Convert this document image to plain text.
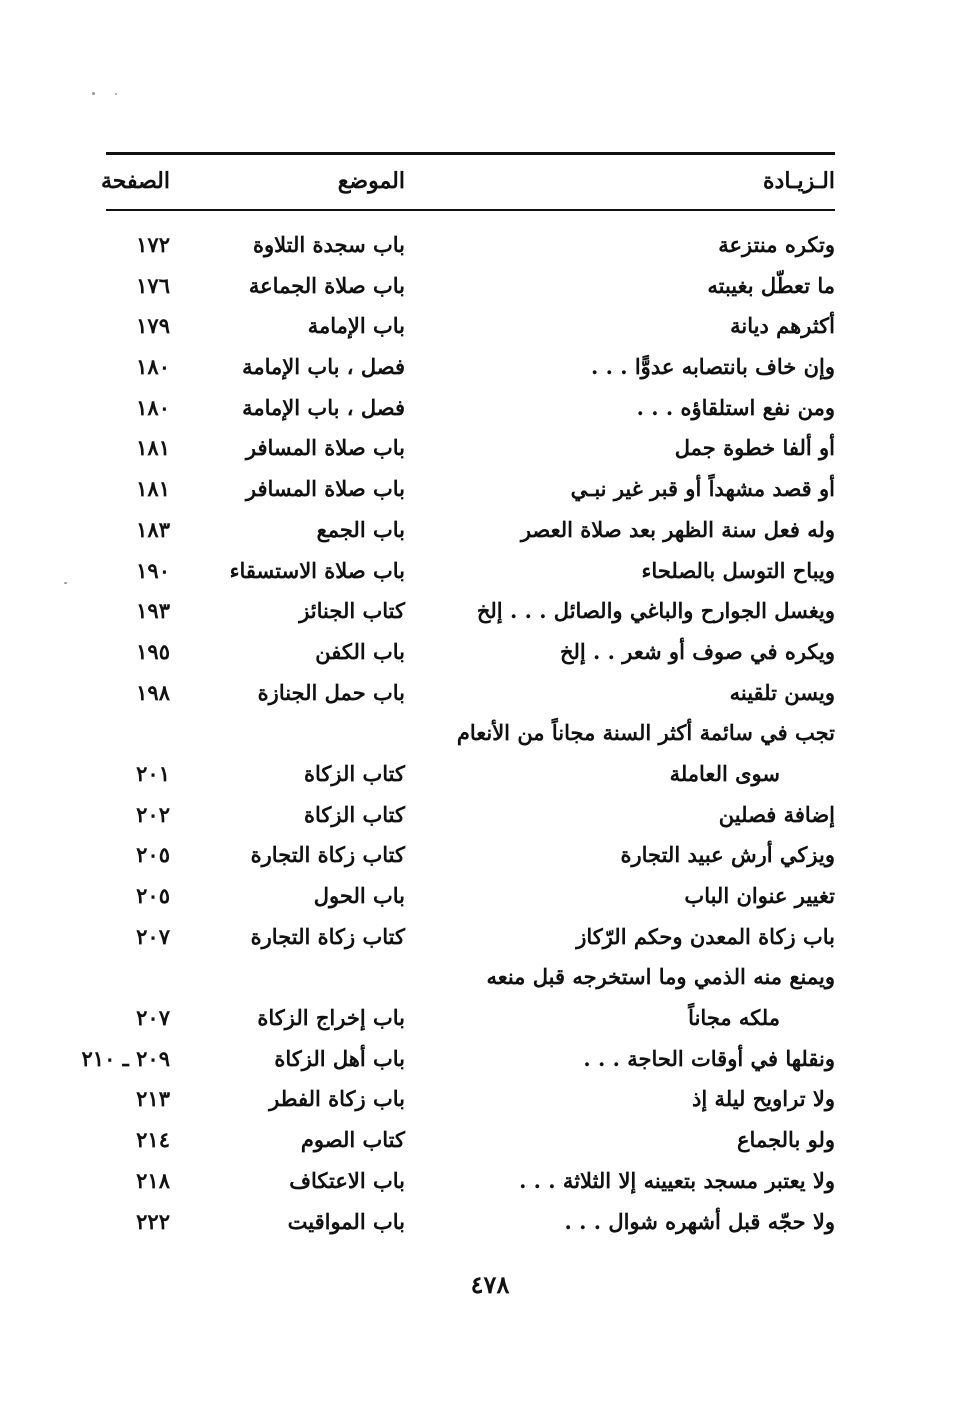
الـزيـادة
الموضع
الصفحة
وتكره منتزعة
باب سجدة التلاوة
١٧٢
ما تعطّل بغيبته
باب صلاة الجماعة
١٧٦
أكثرهم ديانة
باب الإمامة
١٧٩
وإن خاف بانتصابه عدوًّا . . .
فصل ، باب الإمامة
١٨٠
ومن نفع استلقاؤه . . .
فصل ، باب الإمامة
١٨٠
أو ألفا خطوة جمل
باب صلاة المسافر
١٨١
أو قصد مشهداً أو قبر غير نبـي
باب صلاة المسافر
١٨١
وله فعل سنة الظهر بعد صلاة العصر
باب الجمع
١٨٣
ويباح التوسل بالصلحاء
باب صلاة الاستسقاء
١٩٠
ويغسل الجوارح والباغي والصائل . . . إلخ
كتاب الجنائز
١٩٣
ويكره في صوف أو شعر . . إلخ
باب الكفن
١٩٥
ويسن تلقينه
باب حمل الجنازة
١٩٨
تجب في سائمة أكثر السنة مجاناً من الأنعام
سوى العاملة
كتاب الزكاة
٢٠١
إضافة فصلين
كتاب الزكاة
٢٠٢
ويزكي أرش عبيد التجارة
كتاب زكاة التجارة
٢٠٥
تغيير عنوان الباب
باب الحول
٢٠٥
باب زكاة المعدن وحكم الرّكاز
كتاب زكاة التجارة
٢٠٧
ويمنع منه الذمي وما استخرجه قبل منعه
ملكه مجاناً
باب إخراج الزكاة
٢٠٧
ونقلها في أوقات الحاجة . . .
باب أهل الزكاة
٢٠٩ ـ ٢١٠
ولا تراويح ليلة إذ
باب زكاة الفطر
٢١٣
ولو بالجماع
كتاب الصوم
٢١٤
ولا يعتبر مسجد بتعيينه إلا الثلاثة . . .
باب الاعتكاف
٢١٨
ولا حجّه قبل أشهره شوال . . .
باب المواقيت
٢٢٢
٤٧٨
